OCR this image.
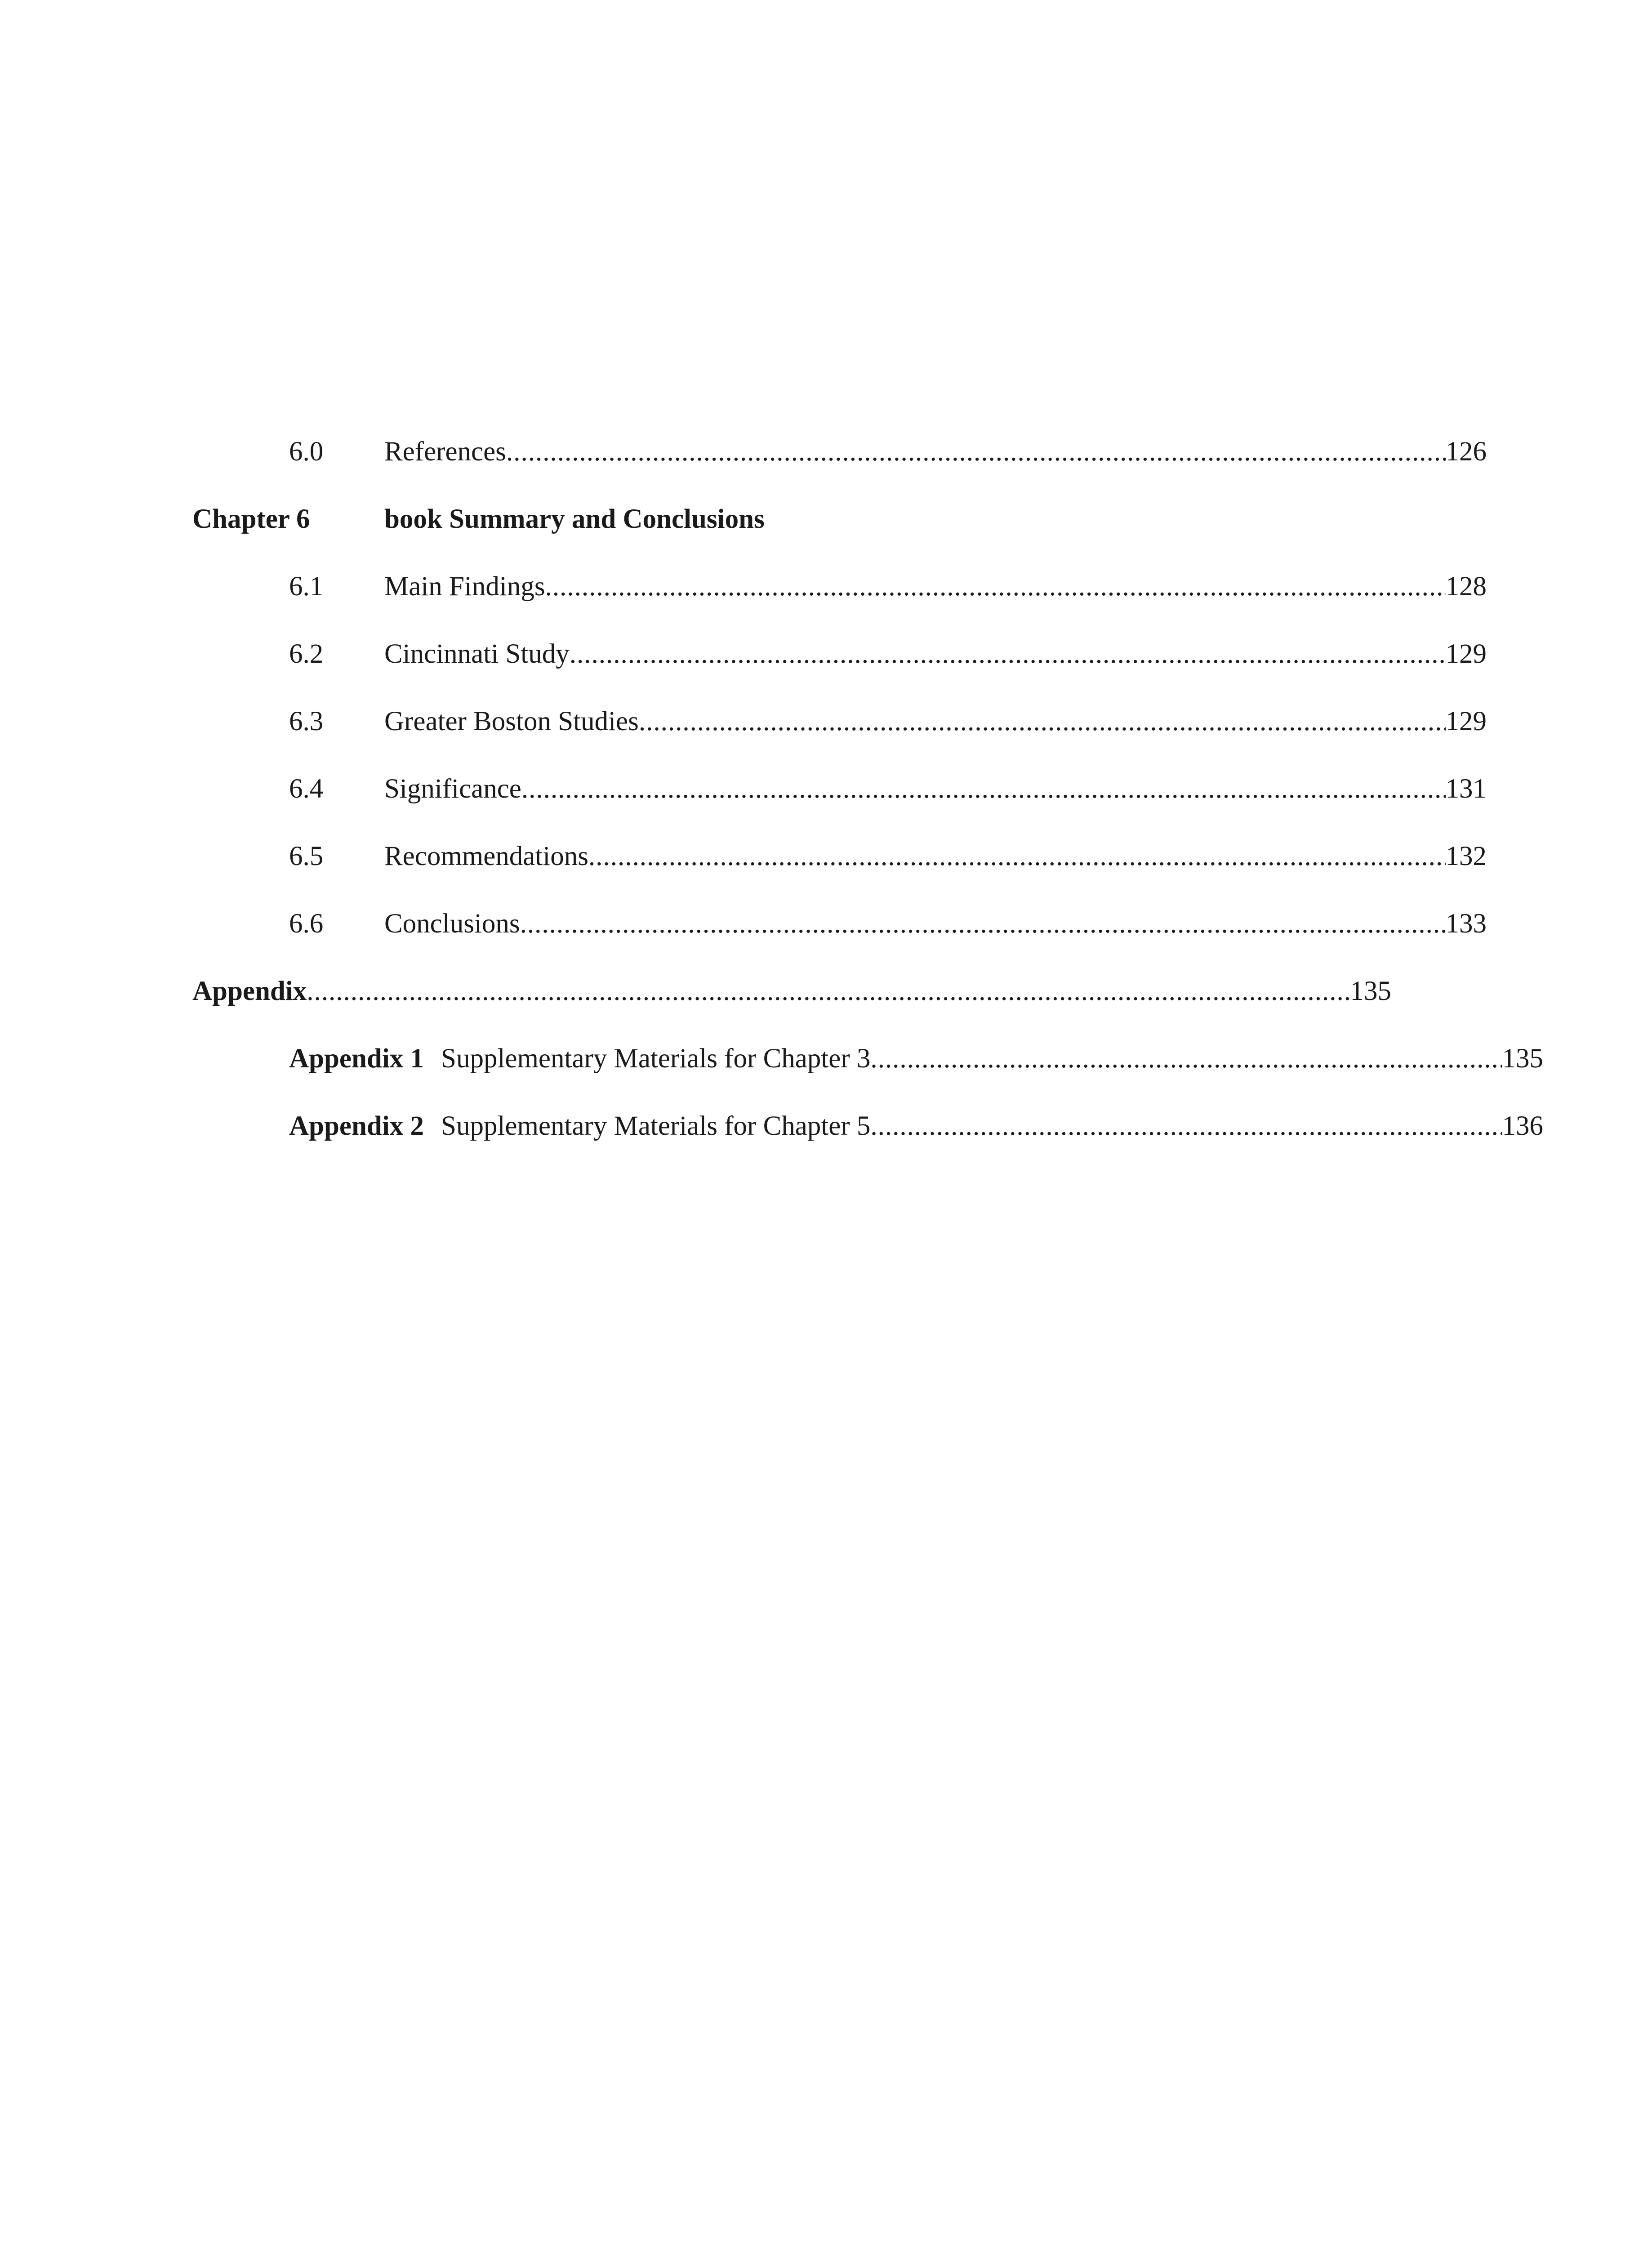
6.0	References .....	126
Chapter 6	book Summary and Conclusions
6.1	Main Findings .....	128
6.2	Cincinnati Study .....	129
6.3	Greater Boston Studies .....	129
6.4	Significance .....	131
6.5	Recommendations .....	132
6.6	Conclusions .....	133
Appendix .....	135
Appendix 1 Supplementary Materials for Chapter 3 .....	135
Appendix 2 Supplementary Materials for Chapter 5 .....	136
